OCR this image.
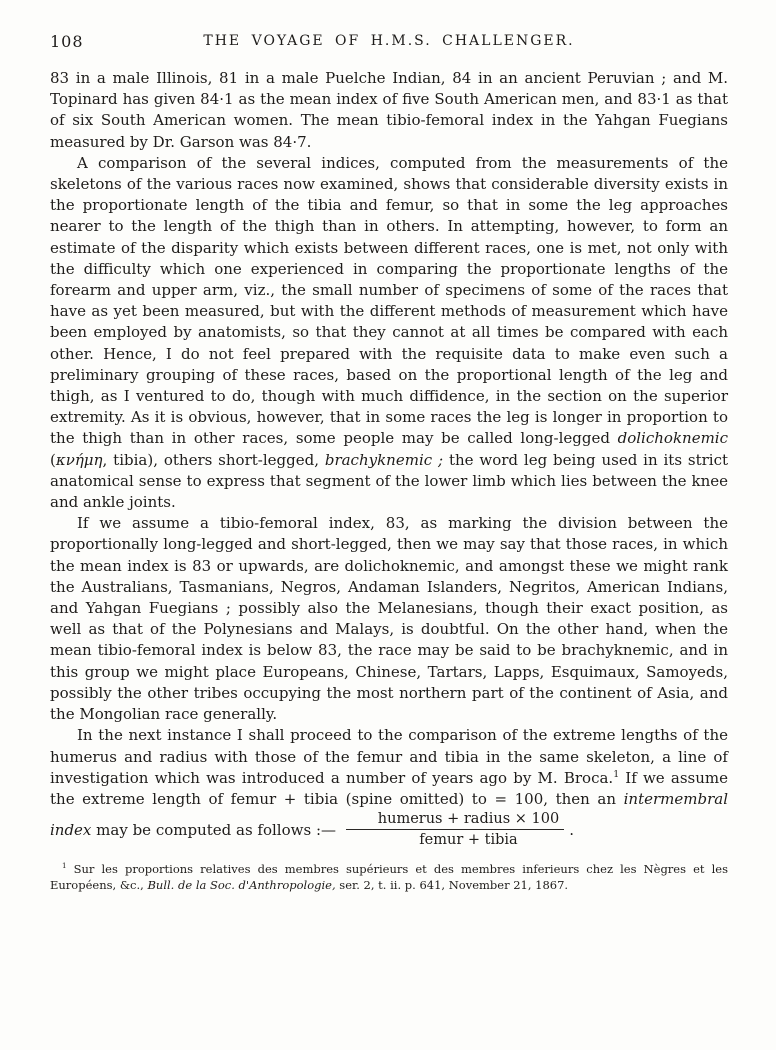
108	THE VOYAGE OF H.M.S. CHALLENGER.

83 in a male Illinois, 81 in a male Puelche Indian, 84 in an ancient Peruvian ; and M. Topinard has given 84·1 as the mean index of five South American men, and 83·1 as that of six South American women. The mean tibio-femoral index in the Yahgan Fuegians measured by Dr. Garson was 84·7.

A comparison of the several indices, computed from the measurements of the skeletons of the various races now examined, shows that considerable diversity exists in the proportionate length of the tibia and femur, so that in some the leg approaches nearer to the length of the thigh than in others. In attempting, however, to form an estimate of the disparity which exists between different races, one is met, not only with the difficulty which one experienced in comparing the proportionate lengths of the forearm and upper arm, viz., the small number of specimens of some of the races that have as yet been measured, but with the different methods of measurement which have been employed by anatomists, so that they cannot at all times be compared with each other. Hence, I do not feel prepared with the requisite data to make even such a preliminary grouping of these races, based on the proportional length of the leg and thigh, as I ventured to do, though with much diffidence, in the section on the superior extremity. As it is obvious, however, that in some races the leg is longer in proportion to the thigh than in other races, some people may be called long-legged dolichoknemic (κνήμη, tibia), others short-legged, brachyknemic ; the word leg being used in its strict anatomical sense to express that segment of the lower limb which lies between the knee and ankle joints.

If we assume a tibio-femoral index, 83, as marking the division between the proportionally long-legged and short-legged, then we may say that those races, in which the mean index is 83 or upwards, are dolichoknemic, and amongst these we might rank the Australians, Tasmanians, Negros, Andaman Islanders, Negritos, American Indians, and Yahgan Fuegians ; possibly also the Melanesians, though their exact position, as well as that of the Polynesians and Malays, is doubtful. On the other hand, when the mean tibio-femoral index is below 83, the race may be said to be brachyknemic, and in this group we might place Europeans, Chinese, Tartars, Lapps, Esquimaux, Samoyeds, possibly the other tribes occupying the most northern part of the continent of Asia, and the Mongolian race generally.

In the next instance I shall proceed to the comparison of the extreme lengths of the humerus and radius with those of the femur and tibia in the same skeleton, a line of investigation which was introduced a number of years ago by M. Broca.$^1$ If we assume the extreme length of femur + tibia (spine omitted) to = 100, then an intermembral index may be computed as follows :— $\frac{\text{humerus + radius × 100}}{\text{femur + tibia}}$ .

$^1$ Sur les proportions relatives des membres supérieurs et des membres inferieurs chez les Nègres et les Européens, &c., Bull. de la Soc. d'Anthropologie, ser. 2, t. ii. p. 641, November 21, 1867.
